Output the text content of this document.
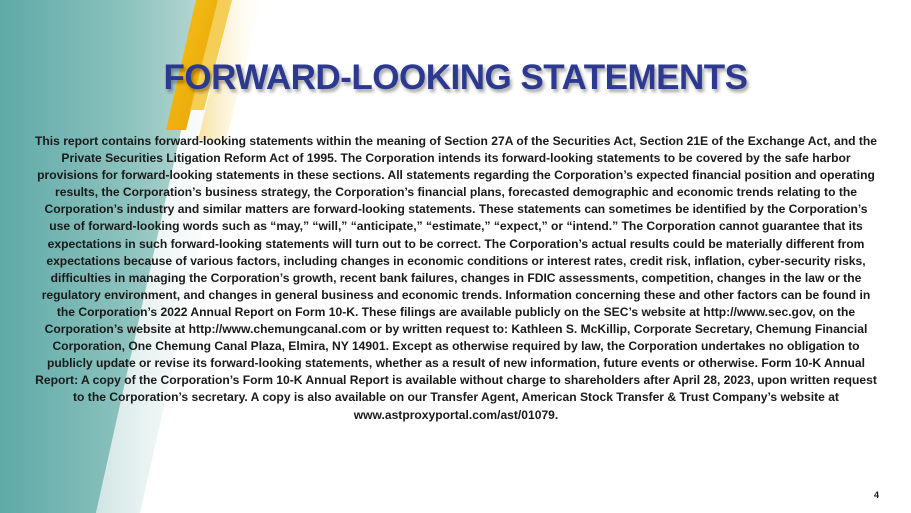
FORWARD-LOOKING STATEMENTS

This report contains forward-looking statements within the meaning of Section 27A of the Securities Act, Section 21E of the Exchange Act, and the Private Securities Litigation Reform Act of 1995. The Corporation intends its forward-looking statements to be covered by the safe harbor provisions for forward-looking statements in these sections. All statements regarding the Corporation’s expected financial position and operating results, the Corporation’s business strategy, the Corporation’s financial plans, forecasted demographic and economic trends relating to the Corporation’s industry and similar matters are forward-looking statements. These statements can sometimes be identified by the Corporation’s use of forward-looking words such as “may,” “will,” “anticipate,” “estimate,” “expect,” or “intend.” The Corporation cannot guarantee that its expectations in such forward-looking statements will turn out to be correct. The Corporation’s actual results could be materially different from expectations because of various factors, including changes in economic conditions or interest rates, credit risk, inflation, cyber-security risks, difficulties in managing the Corporation’s growth, recent bank failures, changes in FDIC assessments, competition, changes in the law or the regulatory environment, and changes in general business and economic trends. Information concerning these and other factors can be found in the Corporation’s 2022 Annual Report on Form 10-K. These filings are available publicly on the SEC’s website at http://www.sec.gov, on the Corporation’s website at http://www.chemungcanal.com or by written request to: Kathleen S. McKillip, Corporate Secretary, Chemung Financial Corporation, One Chemung Canal Plaza, Elmira, NY 14901. Except as otherwise required by law, the Corporation undertakes no obligation to publicly update or revise its forward-looking statements, whether as a result of new information, future events or otherwise. Form 10-K Annual Report: A copy of the Corporation’s Form 10-K Annual Report is available without charge to shareholders after April 28, 2023, upon written request to the Corporation’s secretary. A copy is also available on our Transfer Agent, American Stock Transfer & Trust Company’s website at www.astproxyportal.com/ast/01079.

4
